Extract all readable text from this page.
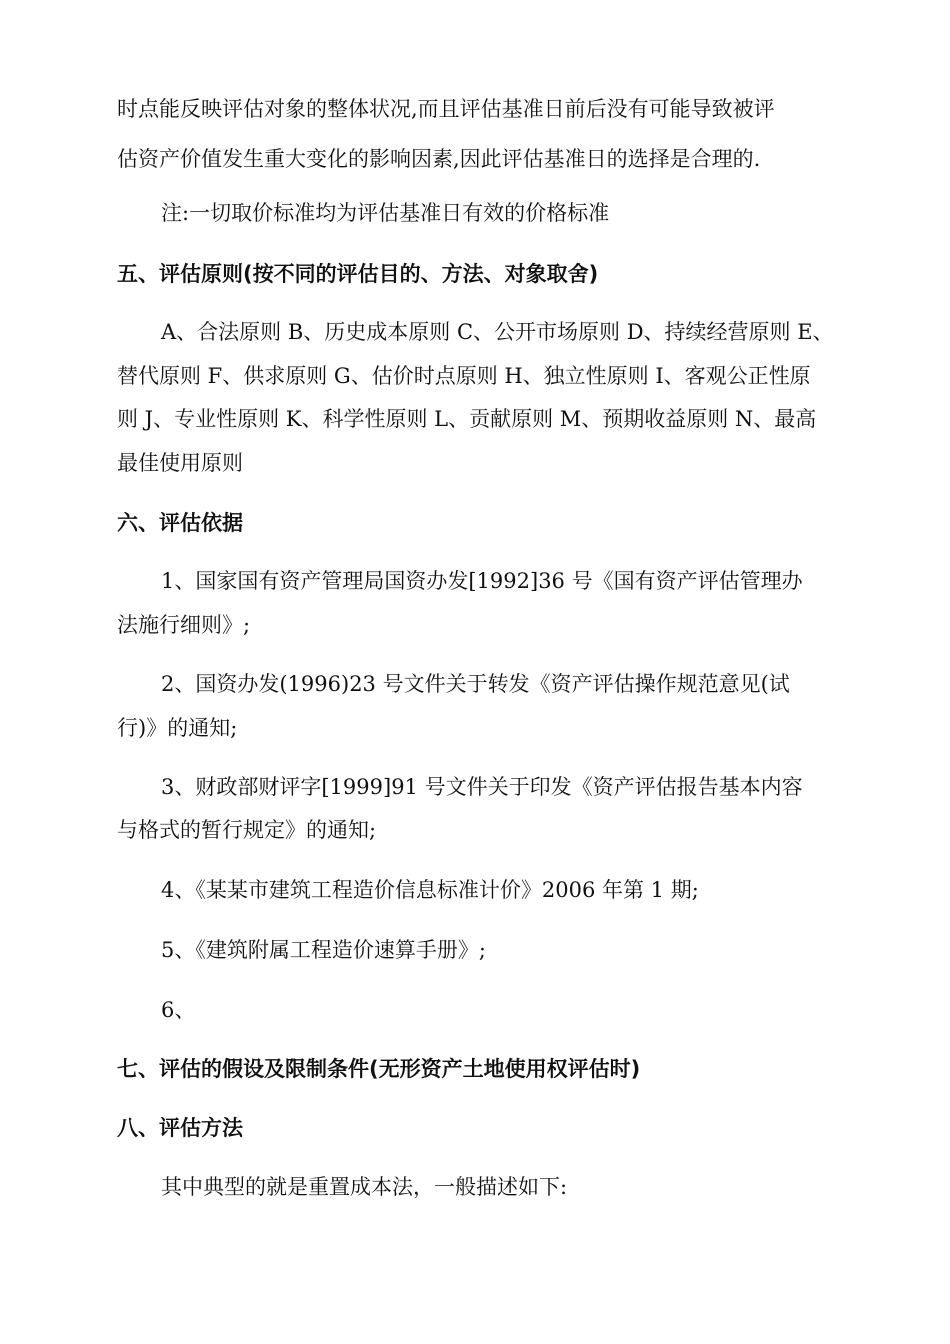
时点能反映评估对象的整体状况,而且评估基准日前后没有可能导致被评
估资产价值发生重大变化的影响因素,因此评估基准日的选择是合理的.
注:一切取价标准均为评估基准日有效的价格标准
五、评估原则(按不同的评估目的、方法、对象取舍)
A、合法原则 B、历史成本原则 C、公开市场原则 D、持续经营原则 E、
替代原则 F、供求原则 G、估价时点原则 H、独立性原则 I、客观公正性原
则 J、专业性原则 K、科学性原则 L、贡献原则 M、预期收益原则 N、最高
最佳使用原则
六、评估依据
1、国家国有资产管理局国资办发[1992]36 号《国有资产评估管理办
法施行细则》;
2、国资办发(1996)23 号文件关于转发《资产评估操作规范意见(试
行)》的通知;
3、财政部财评字[1999]91 号文件关于印发《资产评估报告基本内容
与格式的暂行规定》的通知;
4、《某某市建筑工程造价信息标准计价》2006 年第 1 期;
5、《建筑附属工程造价速算手册》;
6、
七、评估的假设及限制条件(无形资产土地使用权评估时)
八、评估方法
其中典型的就是重置成本法，一般描述如下:
